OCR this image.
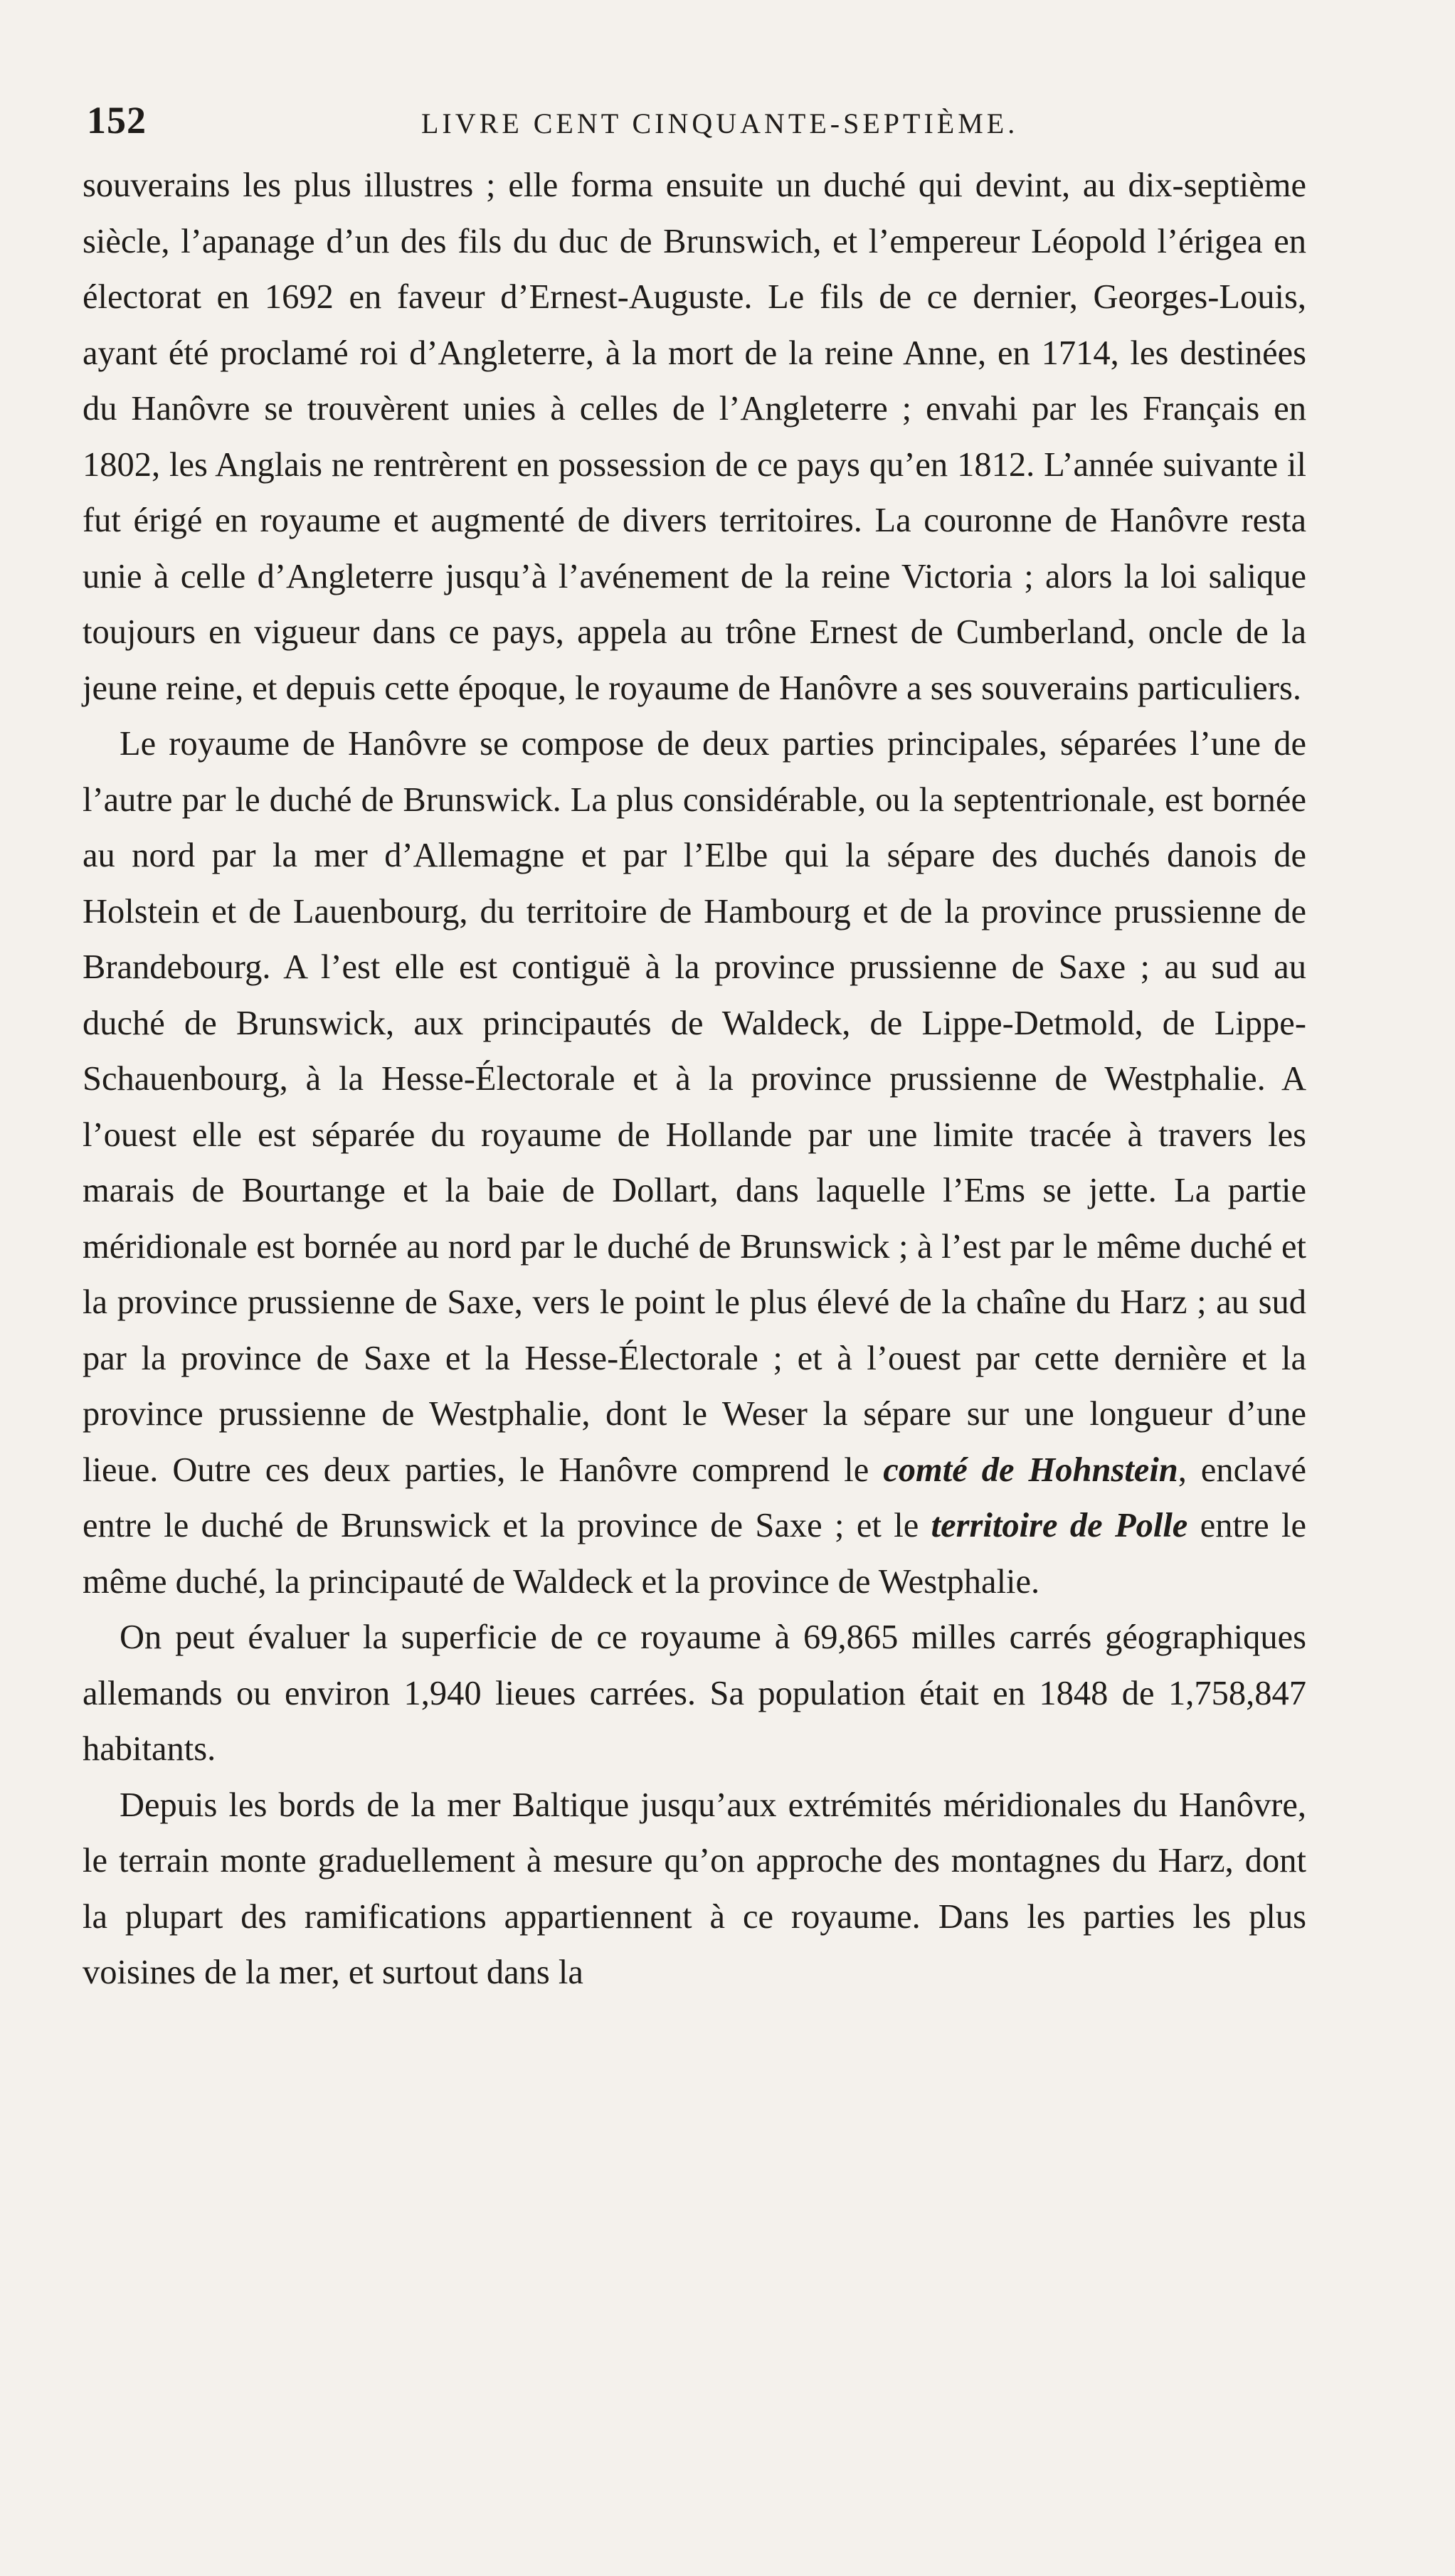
152	LIVRE CENT CINQUANTE-SEPTIÈME.

souverains les plus illustres ; elle forma ensuite un duché qui devint, au dix-septième siècle, l’apanage d’un des fils du duc de Brunswich, et l’empereur Léopold l’érigea en électorat en 1692 en faveur d’Ernest-Auguste. Le fils de ce dernier, Georges-Louis, ayant été proclamé roi d’Angleterre, à la mort de la reine Anne, en 1714, les destinées du Hanôvre se trouvèrent unies à celles de l’Angleterre ; envahi par les Français en 1802, les Anglais ne rentrèrent en possession de ce pays qu’en 1812. L’année suivante il fut érigé en royaume et augmenté de divers territoires. La couronne de Hanôvre resta unie à celle d’Angleterre jusqu’à l’avénement de la reine Victoria ; alors la loi salique toujours en vigueur dans ce pays, appela au trône Ernest de Cumberland, oncle de la jeune reine, et depuis cette époque, le royaume de Hanôvre a ses souverains particuliers.

Le royaume de Hanôvre se compose de deux parties principales, séparées l’une de l’autre par le duché de Brunswick. La plus considérable, ou la septentrionale, est bornée au nord par la mer d’Allemagne et par l’Elbe qui la sépare des duchés danois de Holstein et de Lauenbourg, du territoire de Hambourg et de la province prussienne de Brandebourg. A l’est elle est contiguë à la province prussienne de Saxe ; au sud au duché de Brunswick, aux principautés de Waldeck, de Lippe-Detmold, de Lippe-Schauenbourg, à la Hesse-Électorale et à la province prussienne de Westphalie. A l’ouest elle est séparée du royaume de Hollande par une limite tracée à travers les marais de Bourtange et la baie de Dollart, dans laquelle l’Ems se jette. La partie méridionale est bornée au nord par le duché de Brunswick ; à l’est par le même duché et la province prussienne de Saxe, vers le point le plus élevé de la chaîne du Harz ; au sud par la province de Saxe et la Hesse-Électorale ; et à l’ouest par cette dernière et la province prussienne de Westphalie, dont le Weser la sépare sur une longueur d’une lieue. Outre ces deux parties, le Hanôvre comprend le comté de Hohnstein, enclavé entre le duché de Brunswick et la province de Saxe ; et le territoire de Polle entre le même duché, la principauté de Waldeck et la province de Westphalie.

On peut évaluer la superficie de ce royaume à 69,865 milles carrés géographiques allemands ou environ 1,940 lieues carrées. Sa population était en 1848 de 1,758,847 habitants.

Depuis les bords de la mer Baltique jusqu’aux extrémités méridionales du Hanôvre, le terrain monte graduellement à mesure qu’on approche des montagnes du Harz, dont la plupart des ramifications appartiennent à ce royaume. Dans les parties les plus voisines de la mer, et surtout dans la
